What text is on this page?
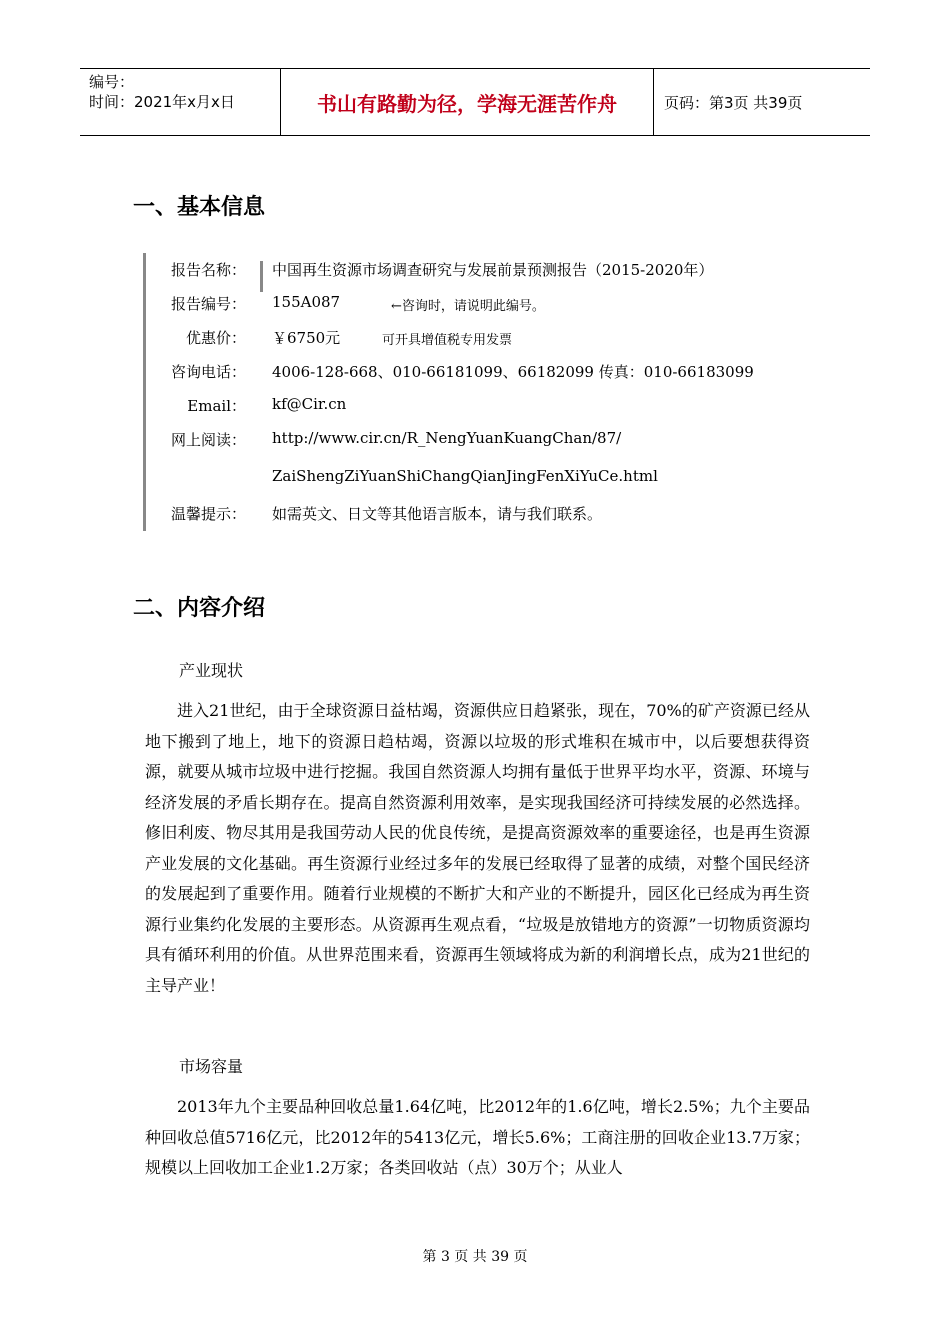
编号：
时间：2021年x月x日	书山有路勤为径，学海无涯苦作舟	页码：第3页 共39页
一、基本信息
报告名称： 中国再生资源市场调查研究与发展前景预测报告（2015-2020年）
报告编号： 155A087	←咨询时，请说明此编号。
优惠价： ￥6750元	可开具增值税专用发票
咨询电话： 4006-128-668、010-66181099、66182099 传真：010-66183099
Email： kf@Cir.cn
网上阅读： http://www.cir.cn/R_NengYuanKuangChan/87/
ZaiShengZiYuanShiChangQianJingFenXiYuCe.html
温馨提示： 如需英文、日文等其他语言版本，请与我们联系。
二、内容介绍
产业现状

进入21世纪，由于全球资源日益枯竭，资源供应日趋紧张，现在，70%的矿产资源已经从地下搬到了地上，地下的资源日趋枯竭，资源以垃圾的形式堆积在城市中，以后要想获得资源，就要从城市垃圾中进行挖掘。我国自然资源人均拥有量低于世界平均水平，资源、环境与经济发展的矛盾长期存在。提高自然资源利用效率，是实现我国经济可持续发展的必然选择。修旧利废、物尽其用是我国劳动人民的优良传统，是提高资源效率的重要途径，也是再生资源产业发展的文化基础。再生资源行业经过多年的发展已经取得了显著的成绩，对整个国民经济的发展起到了重要作用。随着行业规模的不断扩大和产业的不断提升，园区化已经成为再生资源行业集约化发展的主要形态。从资源再生观点看，“垃圾是放错地方的资源”一切物质资源均具有循环利用的价值。从世界范围来看，资源再生领域将成为新的利润增长点，成为21世纪的主导产业！

市场容量

2013年九个主要品种回收总量1.64亿吨，比2012年的1.6亿吨，增长2.5%；九个主要品种回收总值5716亿元，比2012年的5413亿元，增长5.6%；工商注册的回收企业13.7万家；规模以上回收加工企业1.2万家；各类回收站（点）30万个；从业人

第 3 页 共 39 页
